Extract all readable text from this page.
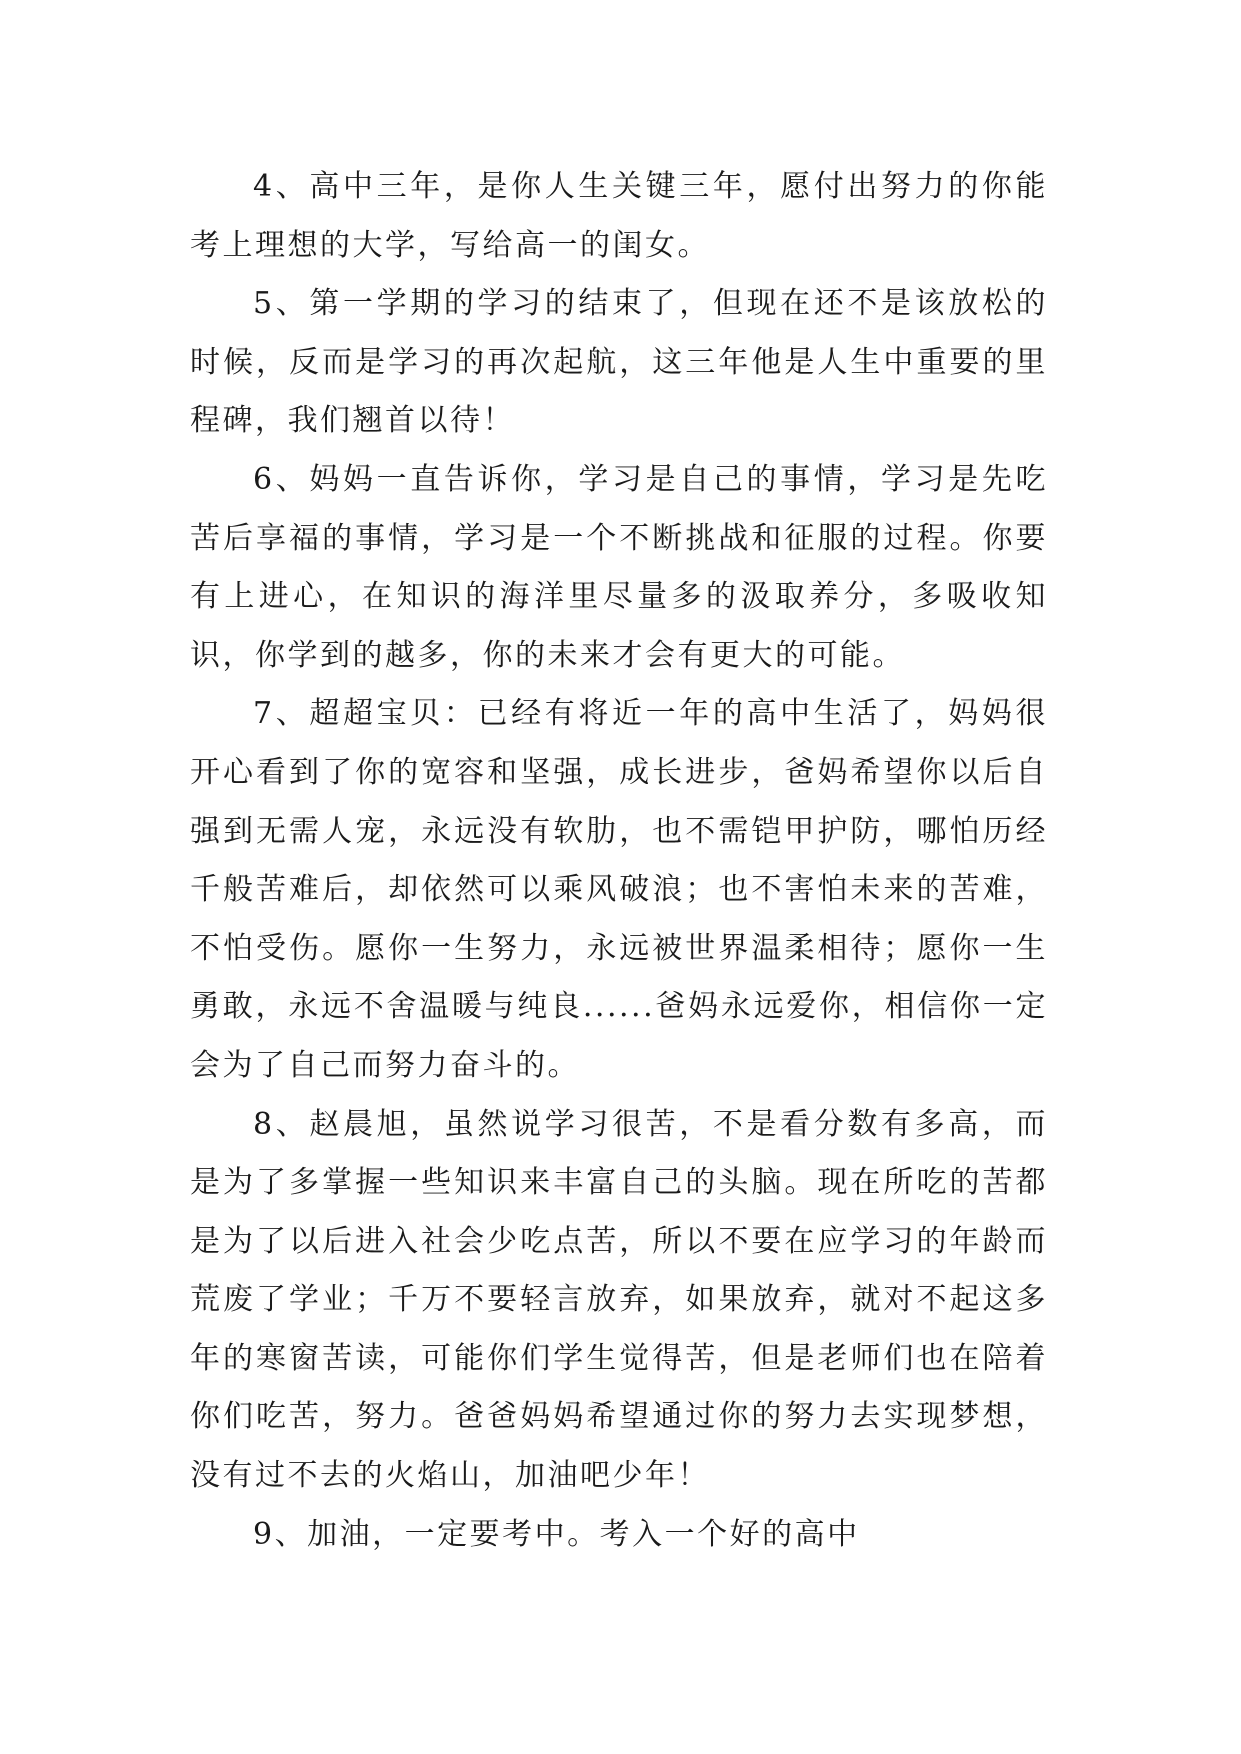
4、高中三年，是你人生关键三年，愿付出努力的你能考上理想的大学，写给高一的闺女。

5、第一学期的学习的结束了，但现在还不是该放松的时候，反而是学习的再次起航，这三年他是人生中重要的里程碑，我们翘首以待！

6、妈妈一直告诉你，学习是自己的事情，学习是先吃苦后享福的事情，学习是一个不断挑战和征服的过程。你要有上进心，在知识的海洋里尽量多的汲取养分，多吸收知识，你学到的越多，你的未来才会有更大的可能。

7、超超宝贝：已经有将近一年的高中生活了，妈妈很开心看到了你的宽容和坚强，成长进步，爸妈希望你以后自强到无需人宠，永远没有软肋，也不需铠甲护防，哪怕历经千般苦难后，却依然可以乘风破浪；也不害怕未来的苦难，不怕受伤。愿你一生努力，永远被世界温柔相待；愿你一生勇敢，永远不舍温暖与纯良......爸妈永远爱你，相信你一定会为了自己而努力奋斗的。

8、赵晨旭，虽然说学习很苦，不是看分数有多高，而是为了多掌握一些知识来丰富自己的头脑。现在所吃的苦都是为了以后进入社会少吃点苦，所以不要在应学习的年龄而荒废了学业；千万不要轻言放弃，如果放弃，就对不起这多年的寒窗苦读，可能你们学生觉得苦，但是老师们也在陪着你们吃苦，努力。爸爸妈妈希望通过你的努力去实现梦想，没有过不去的火焰山，加油吧少年！

9、加油，一定要考中。考入一个好的高中
